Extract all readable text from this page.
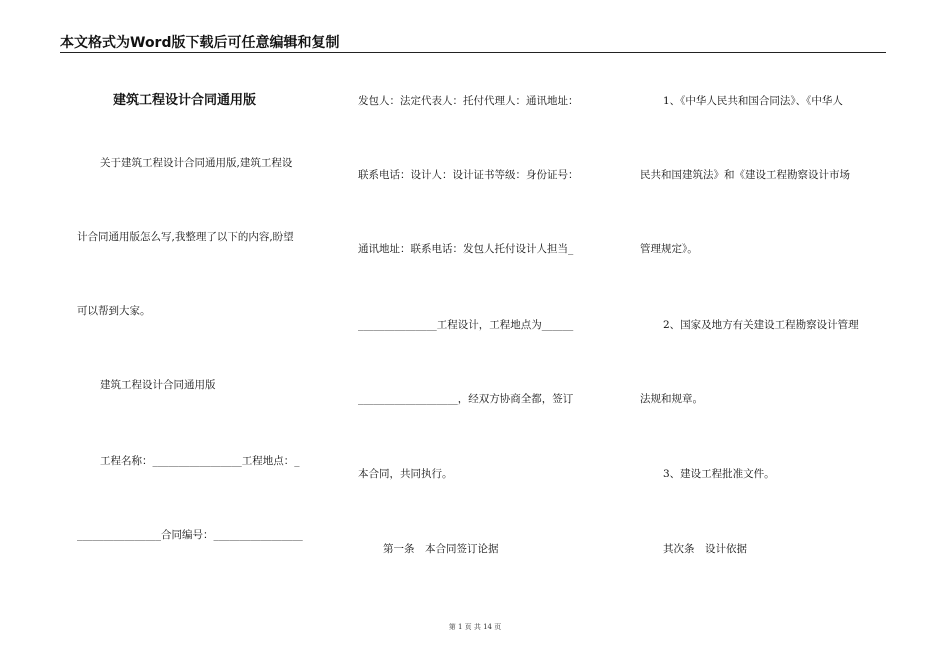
本文格式为Word版下载后可任意编辑和复制
建筑工程设计合同通用版
关于建筑工程设计合同通用版,建筑工程设
计合同通用版怎么写,我整理了以下的内容,盼望
可以帮到大家。
建筑工程设计合同通用版
工程名称：_________________工程地点：_
________________合同编号：_________________
发包人：法定代表人：托付代理人：通讯地址：
联系电话：设计人：设计证书等级：身份证号：
通讯地址：联系电话：发包人托付设计人担当_
_______________工程设计，工程地点为______
___________________，经双方协商全都，签订
本合同，共同执行。
第一条　本合同签订论据
1、《中华人民共和国合同法》、《中华人
民共和国建筑法》和《建设工程勘察设计市场
管理规定》。
2、国家及地方有关建设工程勘察设计管理
法规和规章。
3、建设工程批准文件。
其次条　设计依据
第 1 页 共 14 页
